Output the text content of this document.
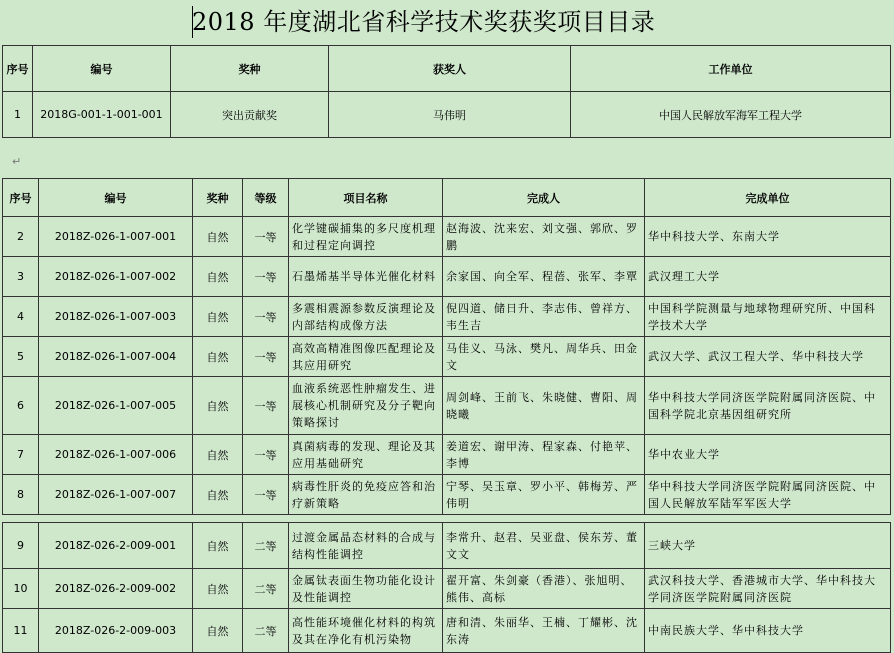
2018 年度湖北省科学技术奖获奖项目目录
序号	编号	奖种	获奖人	工作单位
1	2018G-001-1-001-001	突出贡献奖	马伟明	中国人民解放军海军工程大学
↵
序号	编号	奖种	等级	项目名称	完成人	完成单位
2	2018Z-026-1-007-001	自然	一等	化学键碳捕集的多尺度机理和过程定向调控	赵海波、沈来宏、刘文强、郭欣、罗鹏	华中科技大学、东南大学
3	2018Z-026-1-007-002	自然	一等	石墨烯基半导体光催化材料	余家国、向全军、程蓓、张军、李覃	武汉理工大学
4	2018Z-026-1-007-003	自然	一等	多震相震源参数反演理论及内部结构成像方法	倪四道、储日升、李志伟、曾祥方、韦生吉	中国科学院测量与地球物理研究所、中国科学技术大学
5	2018Z-026-1-007-004	自然	一等	高效高精准图像匹配理论及其应用研究	马佳义、马泳、樊凡、周华兵、田金文	武汉大学、武汉工程大学、华中科技大学
6	2018Z-026-1-007-005	自然	一等	血液系统恶性肿瘤发生、进展核心机制研究及分子靶向策略探讨	周剑峰、王前飞、朱晓健、曹阳、周晓曦	华中科技大学同济医学院附属同济医院、中国科学院北京基因组研究所
7	2018Z-026-1-007-006	自然	一等	真菌病毒的发现、理论及其应用基础研究	姜道宏、谢甲涛、程家森、付艳苹、李博	华中农业大学
8	2018Z-026-1-007-007	自然	一等	病毒性肝炎的免疫应答和治疗新策略	宁琴、吴玉章、罗小平、韩梅芳、严伟明	华中科技大学同济医学院附属同济医院、中国人民解放军陆军军医大学
9	2018Z-026-2-009-001	自然	二等	过渡金属晶态材料的合成与结构性能调控	李常升、赵君、吴亚盘、侯东芳、董文文	三峡大学
10	2018Z-026-2-009-002	自然	二等	金属钛表面生物功能化设计及性能调控	翟开富、朱剑豪（香港）、张旭明、熊伟、高标	武汉科技大学、香港城市大学、华中科技大学同济医学院附属同济医院
11	2018Z-026-2-009-003	自然	二等	高性能环境催化材料的构筑及其在净化有机污染物	唐和清、朱丽华、王楠、丁耀彬、沈东涛	中南民族大学、华中科技大学
